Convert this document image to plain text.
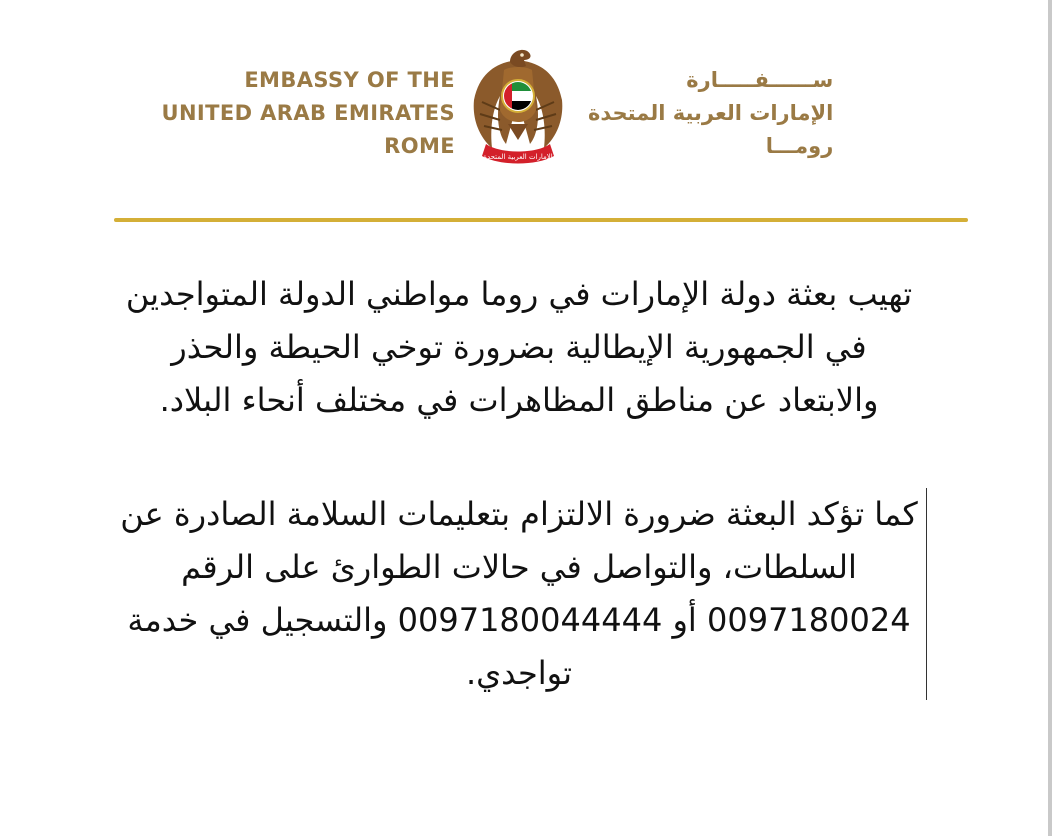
EMBASSY OF THE
UNITED ARAB EMIRATES
ROME	الإمارات العربية المتحدة
ســــــفـــــارة
الإمارات العربية المتحدة
رومـــا

تهيب بعثة دولة الإمارات في روما مواطني الدولة المتواجدين في الجمهورية الإيطالية بضرورة توخي الحيطة والحذر والابتعاد عن مناطق المظاهرات في مختلف أنحاء البلاد.

كما تؤكد البعثة ضرورة الالتزام بتعليمات السلامة الصادرة عن السلطات، والتواصل في حالات الطوارئ على الرقم 0097180024 أو 0097180044444 والتسجيل في خدمة تواجدي.
